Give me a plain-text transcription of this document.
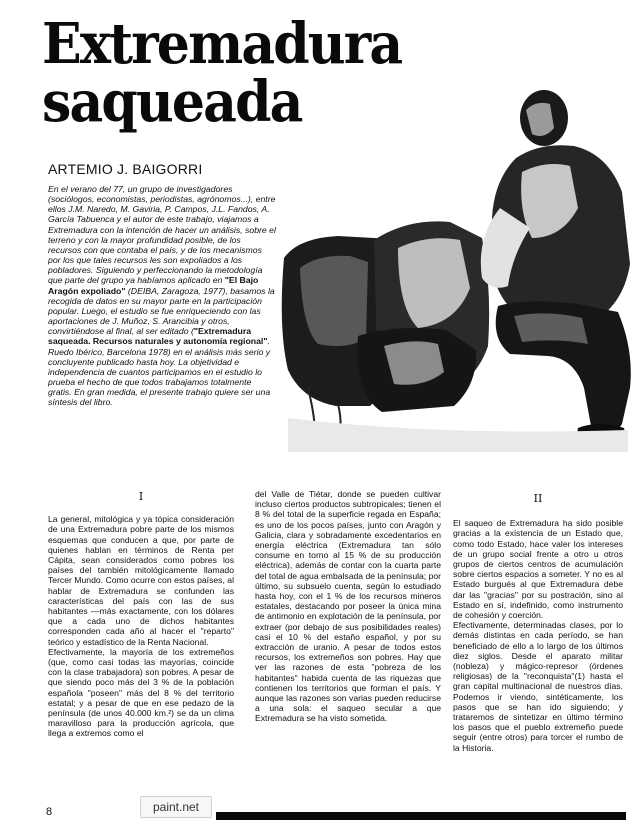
Extremadura
saqueada
ARTEMIO J. BAIGORRI
En el verano del 77, un grupo de investigadores (sociólogos, economistas, periodistas, agrónomos...), entre ellos J.M. Naredo, M. Gaviria, P. Campos, J.L. Fandos, A. García Tabuenca y el autor de este trabajo, viajamos a Extremadura con la intención de hacer un análisis, sobre el terreno y con la mayor profundidad posible, de los recursos con que contaba el país, y de los mecanismos por los que tales recursos les son expoliados a los pobladores. Siguiendo y perfeccionando la metodología que parte del grupo ya habíamos aplicado en "El Bajo Aragón expoliado" (DEIBA, Zaragoza, 1977), basamos la recogida de datos en su mayor parte en la participación popular. Luego, el estudio se fue enriqueciendo con las aportaciones de J. Muñoz, S. Arancibia y otros, convirtiéndose al final, al ser editado ("Extremadura saqueada. Recursos naturales y autonomía regional". Ruedo Ibérico, Barcelona 1978) en el análisis más serio y concluyente publicado hasta hoy. La objetividad e independencia de cuantos participamos en el estudio lo prueba el hecho de que todos trabajamos totalmente gratis. En gran medida, el presente trabajo quiere ser una síntesis del libro.
I

La general, mitológica y ya tópica consideración de una Extremadura pobre parte de los mismos esquemas que conducen a que, por parte de quienes hablan en términos de Renta per Cápita, sean considerados como pobres los países del también mitológicamente llamado Tercer Mundo. Como ocurre con estos países, al hablar de Extremadura se confunden las características del país con las de sus habitantes —más exactamente, con los dólares que a cada uno de dichos habitantes corresponden cada año al hacer el "reparto" teórico y estadístico de la Renta Nacional.

Efectivamente, la mayoría de los extremeños (que, como casi todas las mayorías, coincide con la clase trabajadora) son pobres. A pesar de que siendo poco más del 3 % de la población española "poseen" más del 8 % del territorio estatal; y a pesar de que en ese pedazo de la península (de unos 40.000 km.²) se da un clima maravilloso para la producción agrícola, que llega a extremos como el

del Valle de Tiétar, donde se pueden cultivar incluso ciertos productos subtropicales; tienen el 8 % del total de la superficie regada en España; es uno de los pocos países, junto con Aragón y Galicia, clara y sobradamente excedentarios en energía eléctrica (Extremadura tan sólo consume en torno al 15 % de su producción eléctrica), además de contar con la cuarta parte del total de agua embalsada de la península; por último, su subsuelo cuenta, según lo estudiado hasta hoy, con el 1 % de los recursos mineros estatales, destacando por poseer la única mina de antimonio en explotación de la península, por extraer (por debajo de sus posibilidades reales) casi el 10 % del estaño español, y por su extracción de uranio. A pesar de todos estos recursos, los extremeños son pobres. Hay que ver las razones de esta "pobreza de los habitantes" habida cuenta de las riquezas que contienen los territorios que forman el país. Y aunque las razones son varias pueden reducirse a una sola: el saqueo secular a que Extremadura se ha visto sometida.

II

El saqueo de Extremadura ha sido posible gracias a la existencia de un Estado que, como todo Estado, hace valer los intereses de un grupo social frente a otro u otros grupos de ciertos centros de acumulación sobre ciertos espacios a someter. Y no es al Estado burgués al que Extremadura debe dar las "gracias" por su postración, sino al Estado en sí, indefinido, como instrumento de cohesión y coerción.

Efectivamente, determinadas clases, por lo demás distintas en cada período, se han beneficiado de ello a lo largo de los últimos diez siglos. Desde el aparato militar (nobleza) y mágico-represor (órdenes religiosas) de la "reconquista"(1) hasta el gran capital multinacional de nuestros días. Podemos ir viendo, sintéticamente, los pasos que se han ido siguiendo; y trataremos de sintetizar en último término los pasos que el pueblo extremeño puede seguir (entre otros) para torcer el rumbo de la Historia.

8	paint.net
